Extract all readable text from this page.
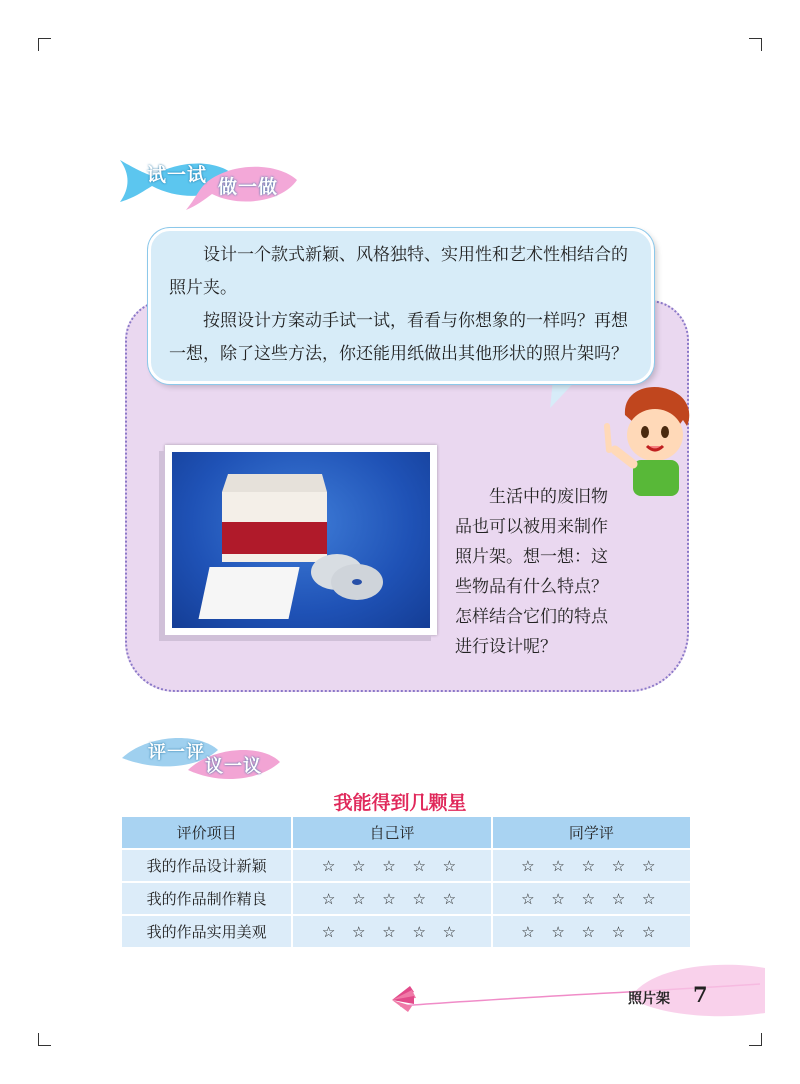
试一试
做一做

设计一个款式新颖、风格独特、实用性和艺术性相结合的照片夹。

按照设计方案动手试一试，看看与你想象的一样吗？再想一想，除了这些方法，你还能用纸做出其他形状的照片架吗？

生活中的废旧物
品也可以被用来制作
照片架。想一想：这
些物品有什么特点？
怎样结合它们的特点
进行设计呢？
评一评
议一议
我能得到几颗星
评价项目	自己评	同学评
我的作品设计新颖	☆ ☆ ☆ ☆ ☆	☆ ☆ ☆ ☆ ☆
我的作品制作精良	☆ ☆ ☆ ☆ ☆	☆ ☆ ☆ ☆ ☆
我的作品实用美观	☆ ☆ ☆ ☆ ☆	☆ ☆ ☆ ☆ ☆
照片架 7
